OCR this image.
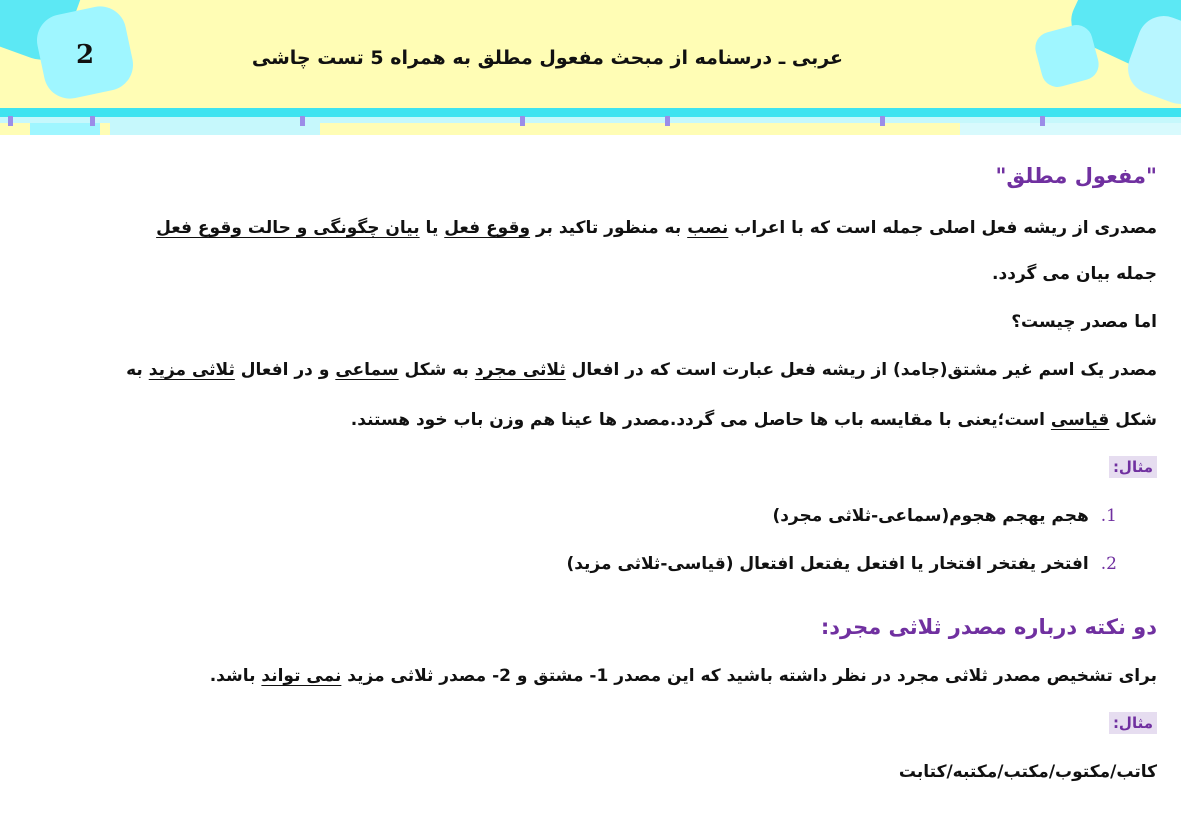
2	عربی ـ درسنامه از مبحث مفعول مطلق به همراه 5 تست چاشی
"مفعول مطلق"
مصدری از ریشه فعل اصلی جمله است که با اعراب نصب به منظور تاکید بر وقوع فعل یا بیان چگونگی و حالت وقوع فعل
جمله بیان می گردد.
اما مصدر چیست؟
مصدر یک اسم غیر مشتق(جامد) از ریشه فعل عبارت است که در افعال ثلاثی مجرد به شکل سماعی و در افعال ثلاثی مزید به
شکل قیاسی است؛یعنی با مقایسه باب ها حاصل می گردد.مصدر ها عینا هم وزن باب خود هستند.
مثال:
1.هجم یهجم هجوم(سماعی-ثلاثی مجرد)
2.افتخر یفتخر افتخار یا افتعل یفتعل افتعال (قیاسی-ثلاثی مزید)
دو نکته درباره مصدر ثلاثی مجرد:
برای تشخیص مصدر ثلاثی مجرد در نظر داشته باشید که این مصدر 1- مشتق و 2- مصدر ثلاثی مزید نمی تواند باشد.
مثال:
کاتب/مکتوب/مکتب/مکتبه/کتابت
